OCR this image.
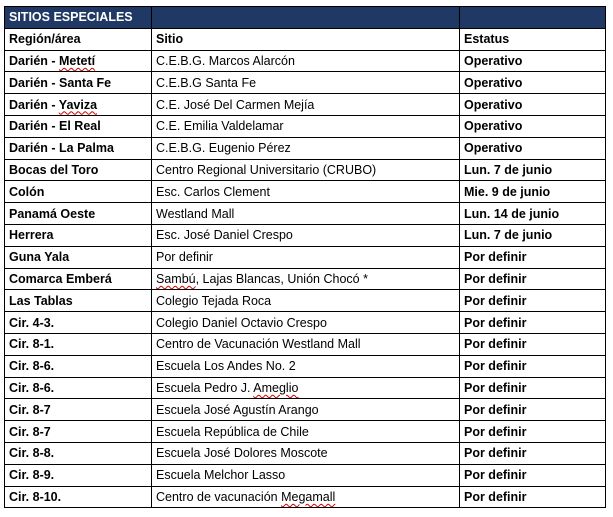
SITIOS ESPECIALES		
Región/área	Sitio	Estatus
Darién - Metetí	C.E.B.G. Marcos Alarcón	Operativo
Darién - Santa Fe	C.E.B.G Santa Fe	Operativo
Darién - Yaviza	C.E. José Del Carmen Mejía	Operativo
Darién - El Real	C.E. Emilia Valdelamar	Operativo
Darién - La Palma	C.E.B.G. Eugenio Pérez	Operativo
Bocas del Toro	Centro Regional Universitario (CRUBO)	Lun. 7 de junio
Colón	Esc. Carlos Clement	Mie. 9 de junio
Panamá Oeste	Westland Mall	Lun. 14 de junio
Herrera	Esc. José Daniel Crespo	Lun. 7 de junio
Guna Yala	Por definir	Por definir
Comarca Emberá	Sambú, Lajas Blancas, Unión Chocó *	Por definir
Las Tablas	Colegio Tejada Roca	Por definir
Cir. 4-3.	Colegio Daniel Octavio Crespo	Por definir
Cir. 8-1.	Centro de Vacunación Westland Mall	Por definir
Cir. 8-6.	Escuela Los Andes No. 2	Por definir
Cir. 8-6.	Escuela Pedro J. Ameglio	Por definir
Cir. 8-7	Escuela José Agustín Arango	Por definir
Cir. 8-7	Escuela República de Chile	Por definir
Cir. 8-8.	Escuela José Dolores Moscote	Por definir
Cir. 8-9.	Escuela Melchor Lasso	Por definir
Cir. 8-10.	Centro de vacunación Megamall	Por definir
